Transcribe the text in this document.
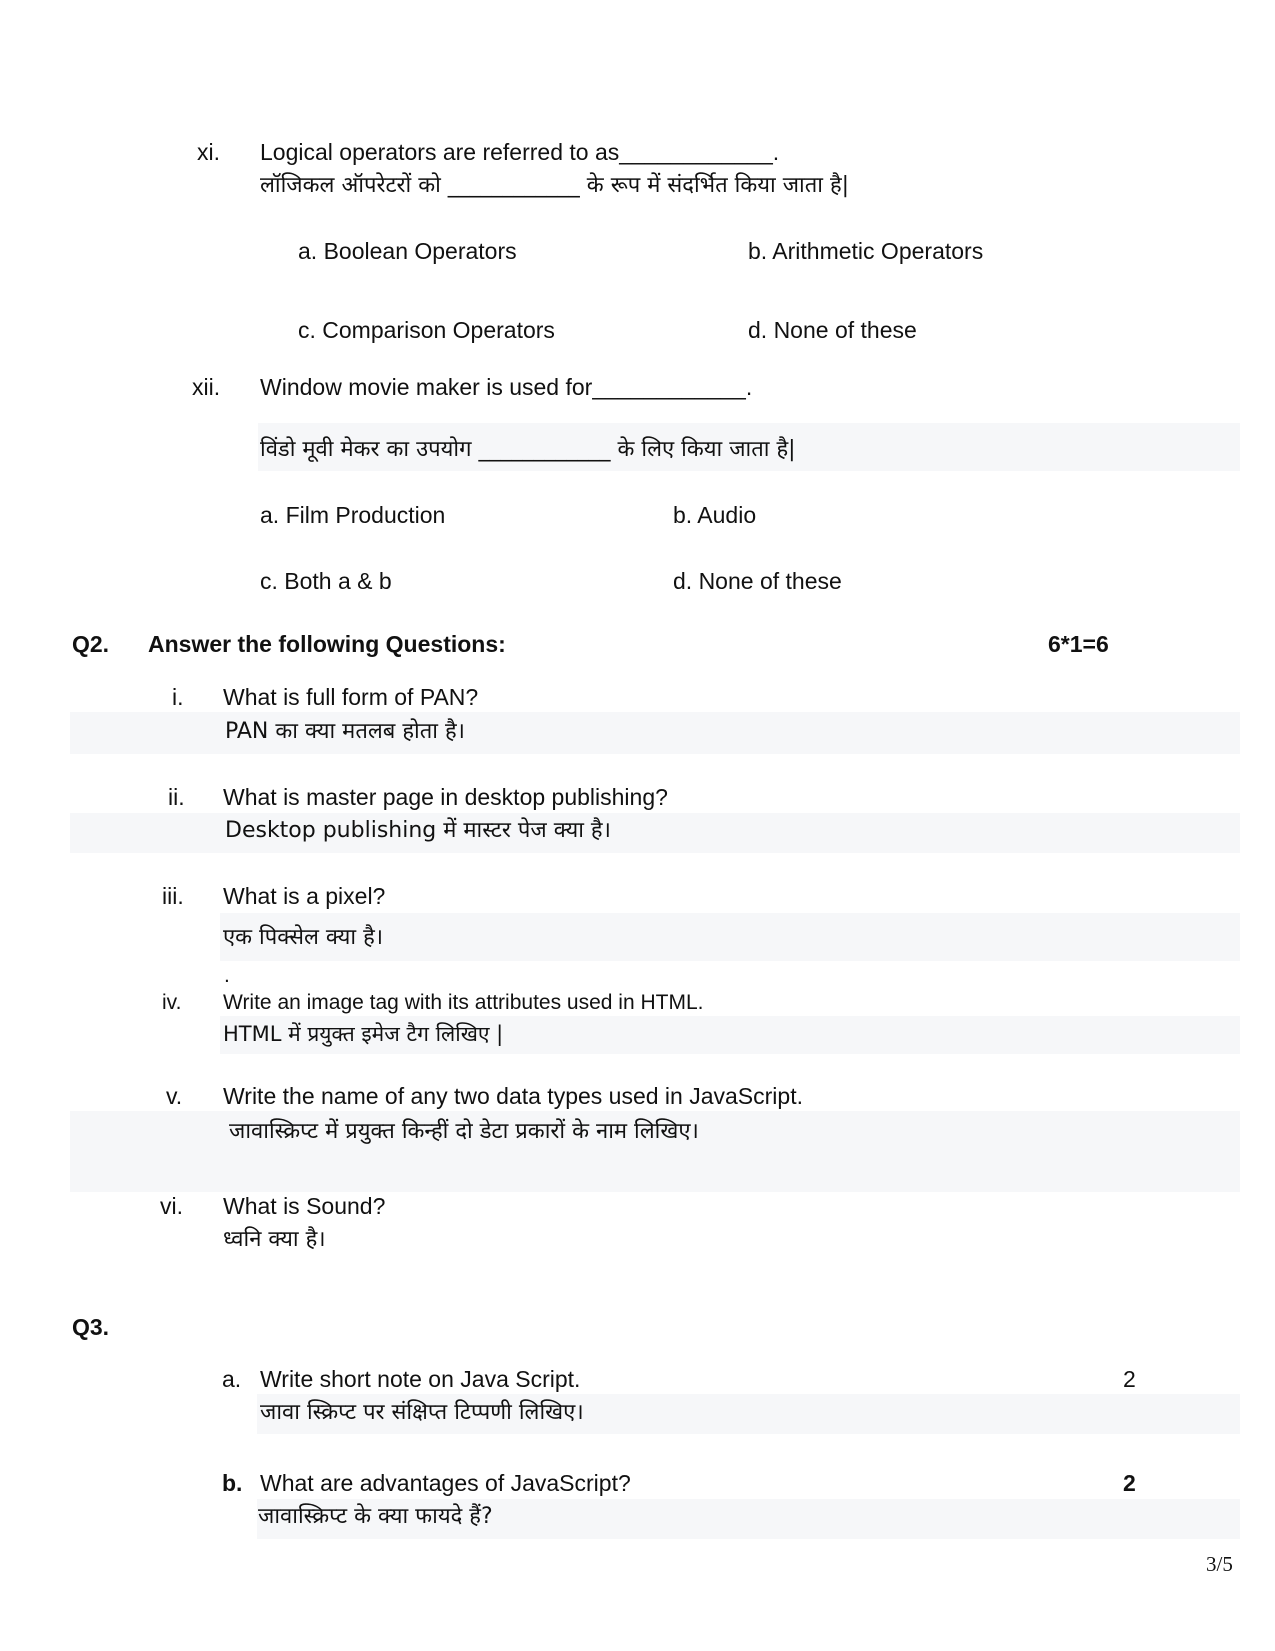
xi. Logical operators are referred to as____________.
लॉजिकल ऑपरेटरों को ____________ के रूप में संदर्भित किया जाता है|
a. Boolean Operators	b. Arithmetic Operators
c. Comparison Operators	d. None of these
xii. Window movie maker is used for____________.
विंडो मूवी मेकर का उपयोग ____________ के लिए किया जाता है|
a. Film Production	b. Audio
c. Both a & b	d. None of these
Q2. Answer the following Questions:	6*1=6
i. What is full form of PAN?
PAN का क्या मतलब होता है।
ii. What is master page in desktop publishing?
Desktop publishing में मास्टर पेज क्या है।
iii. What is a pixel?
एक पिक्सेल क्या है।
.
iv. Write an image tag with its attributes used in HTML.
HTML में प्रयुक्त इमेज टैग लिखिए |
v. Write the name of any two data types used in JavaScript.
जावास्क्रिप्ट में प्रयुक्त किन्हीं दो डेटा प्रकारों के नाम लिखिए।
vi. What is Sound?
ध्वनि क्या है।
Q3.
a. Write short note on Java Script.	2
जावा स्क्रिप्ट पर संक्षिप्त टिप्पणी लिखिए।
b. What are advantages of JavaScript?	2
जावास्क्रिप्ट के क्या फायदे हैं?
3/5
